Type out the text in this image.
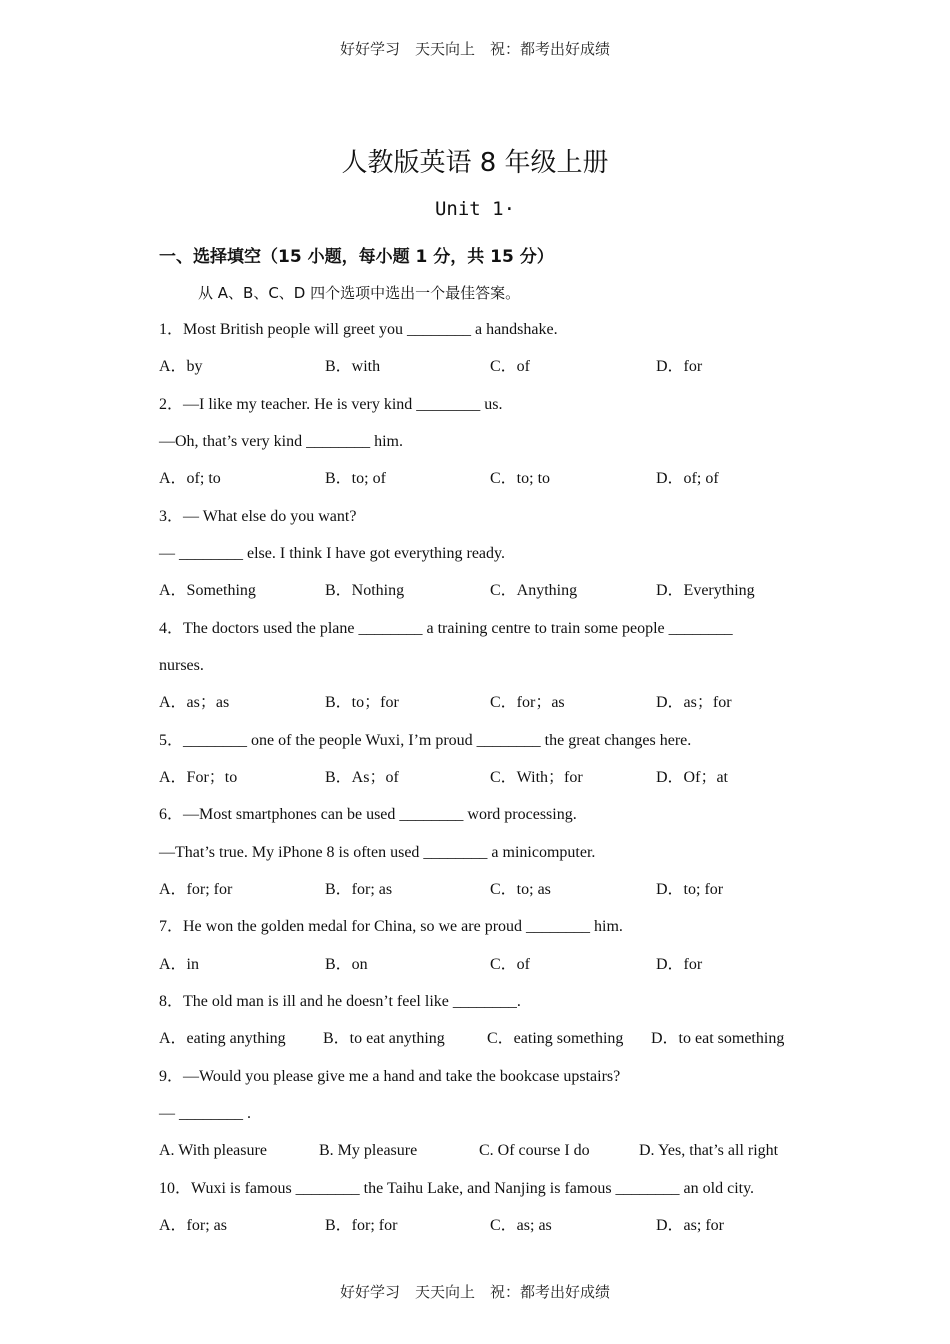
好好学习　天天向上　祝：都考出好成绩
人教版英语 8 年级上册
Unit 1·
一、选择填空（15 小题，每小题 1 分，共 15 分）
从 A、B、C、D 四个选项中选出一个最佳答案。
1．Most British people will greet you ________ a handshake.
A．by	B．with	C．of	D．for
2．—I like my teacher. He is very kind ________ us.
—Oh, that’s very kind ________ him.
A．of; to	B．to; of	C．to; to	D．of; of
3．— What else do you want?
— ________ else. I think I have got everything ready.
A．Something	B．Nothing	C．Anything	D．Everything
4．The doctors used the plane ________ a training centre to train some people ________
nurses.
A．as；as	B．to；for	C．for；as	D．as；for
5．________ one of the people Wuxi, I’m proud ________ the great changes here.
A．For；to	B．As；of	C．With；for	D．Of；at
6．—Most smartphones can be used ________ word processing.
—That’s true. My iPhone 8 is often used ________ a minicomputer.
A．for; for	B．for; as	C．to; as	D．to; for
7．He won the golden medal for China, so we are proud ________ him.
A．in	B．on	C．of	D．for
8．The old man is ill and he doesn’t feel like ________.
A．eating anything B．to eat anything	C．eating something D．to eat something
9．—Would you please give me a hand and take the bookcase upstairs?
— ________ .
A. With pleasure	B. My pleasure	C. Of course I do	D. Yes, that’s all right
10．Wuxi is famous ________ the Taihu Lake, and Nanjing is famous ________ an old city.
A．for; as	B．for; for	C．as; as	D．as; for
好好学习　天天向上　祝：都考出好成绩
